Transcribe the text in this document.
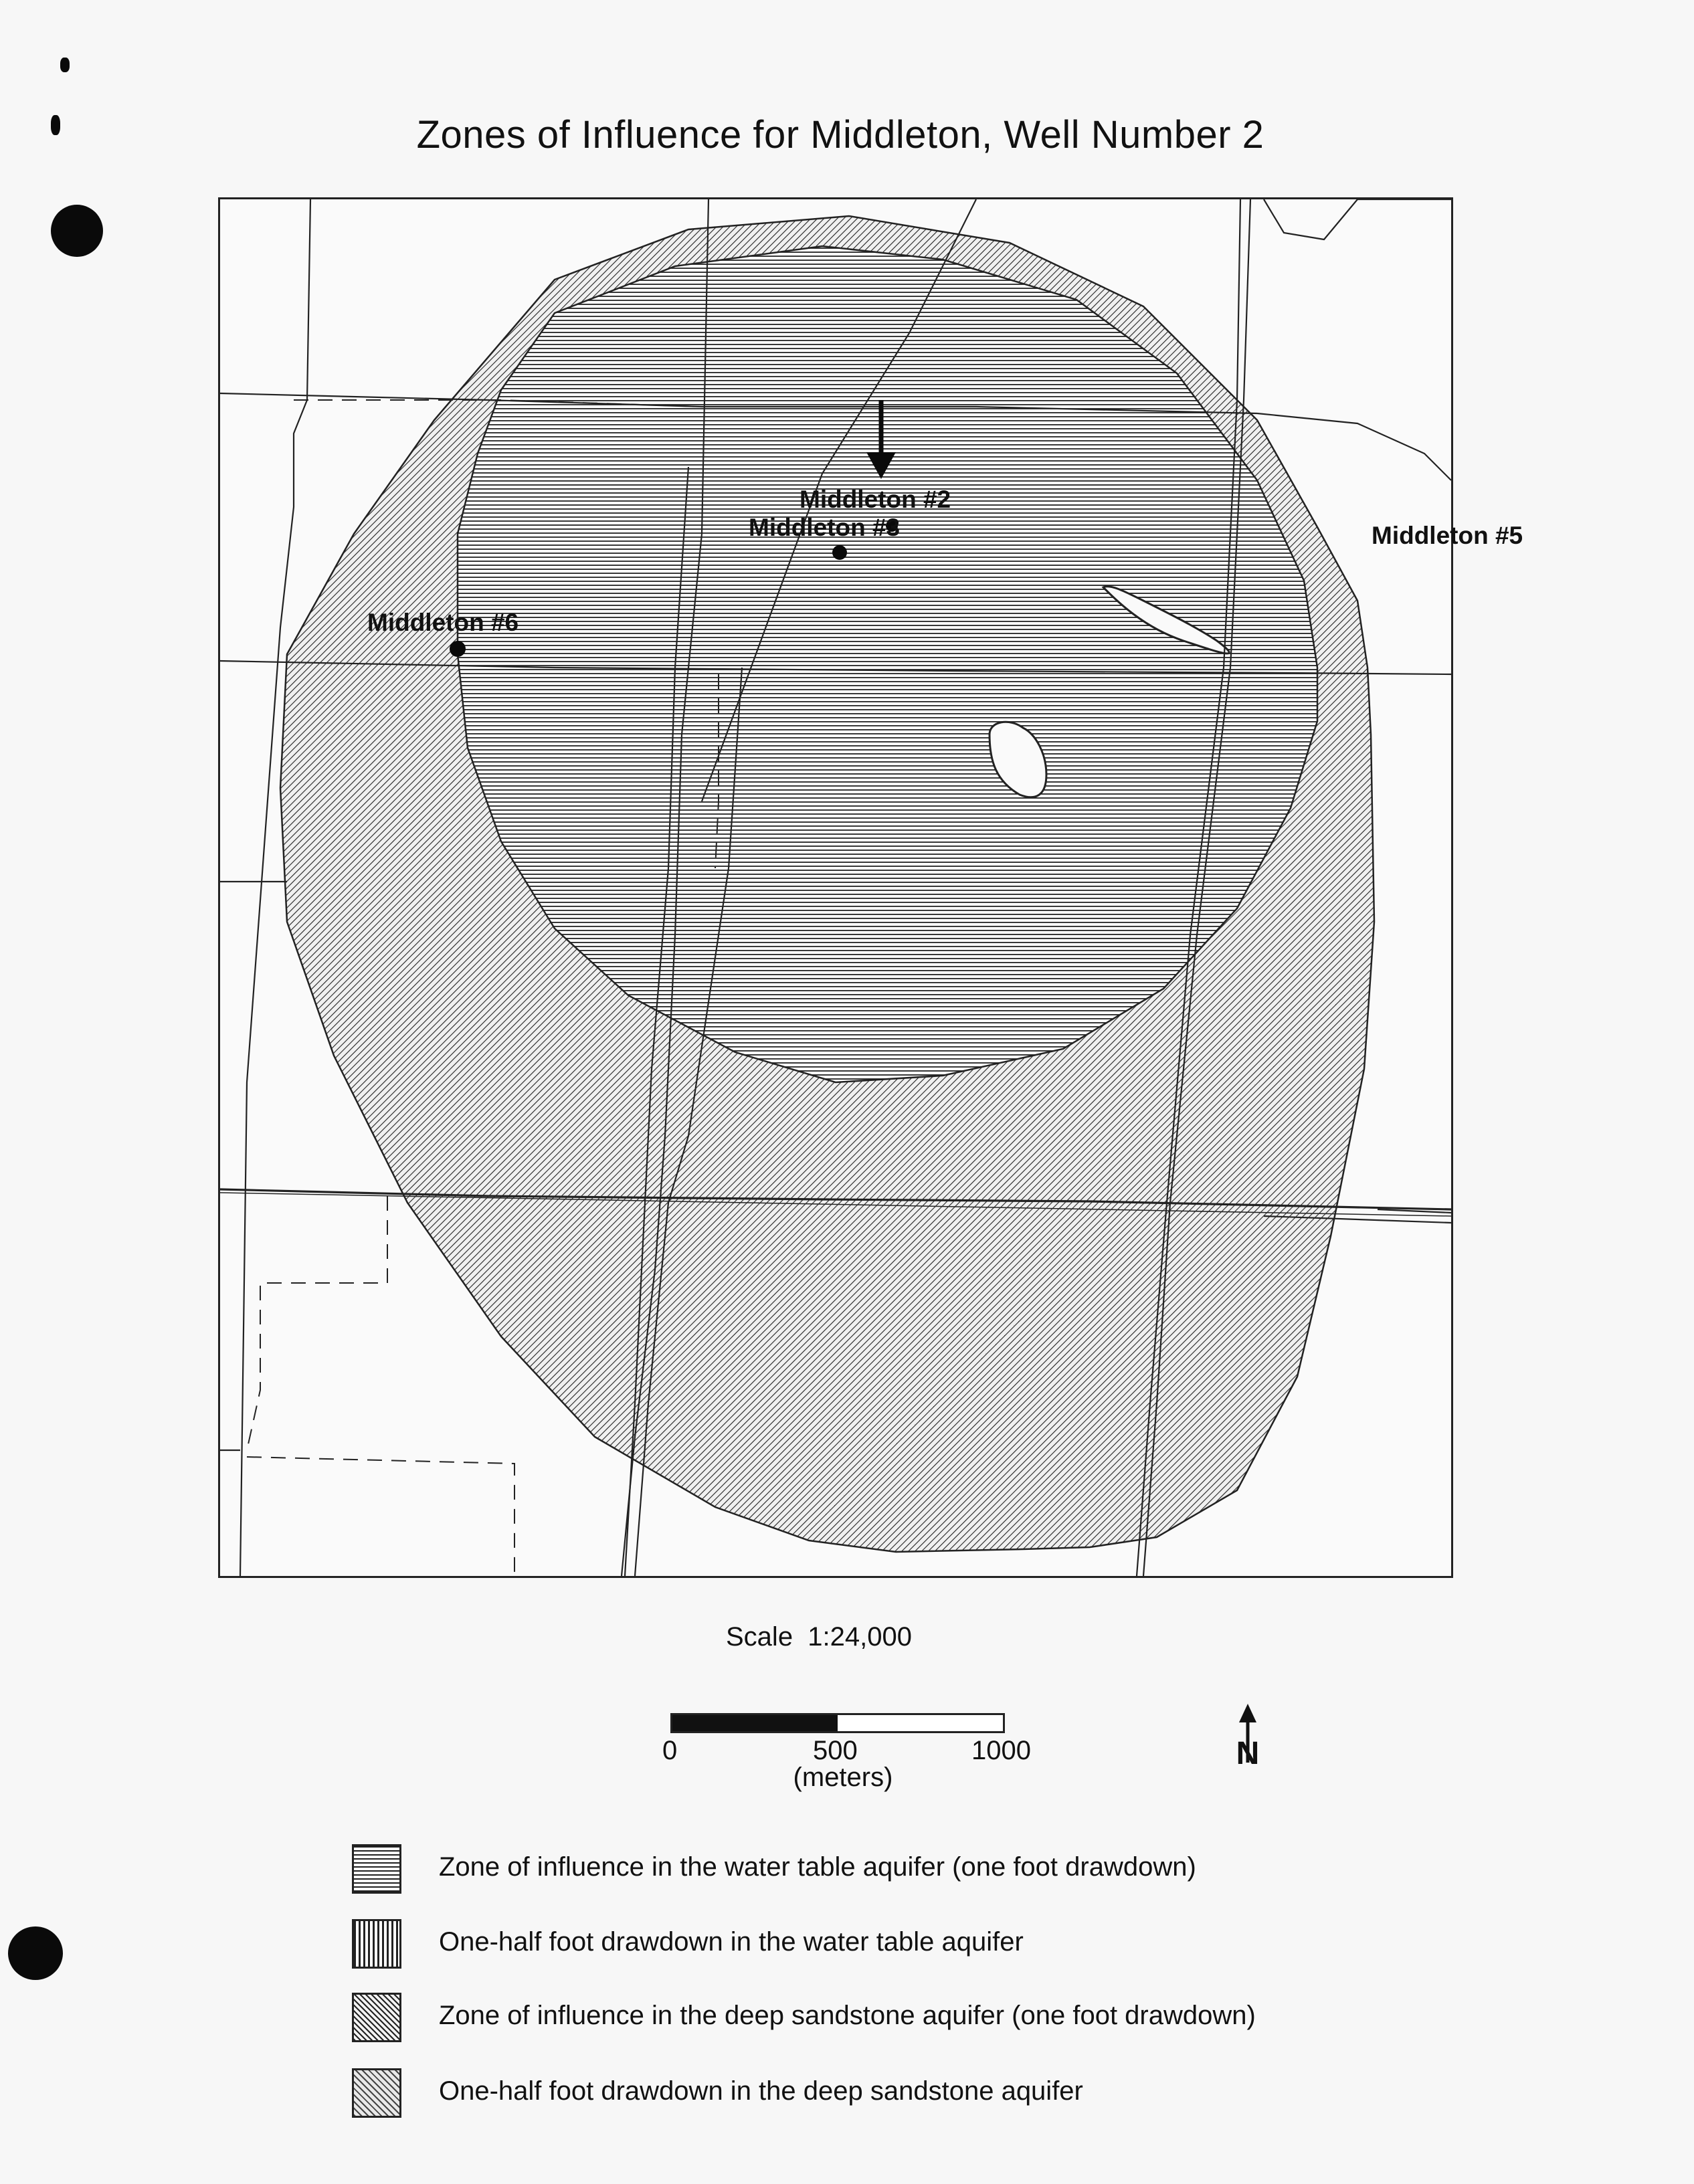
Zones of Influence for Middleton, Well Number 2
Middleton #2
Middleton #3
Middleton #6
Middleton #5
Scale  1:24,000
0	500	1000
(meters)
N
Zone of influence in the water table aquifer (one foot drawdown)
One-half foot drawdown in the water table aquifer
Zone of influence in the deep sandstone aquifer (one foot drawdown)
One-half foot drawdown in the deep sandstone aquifer
